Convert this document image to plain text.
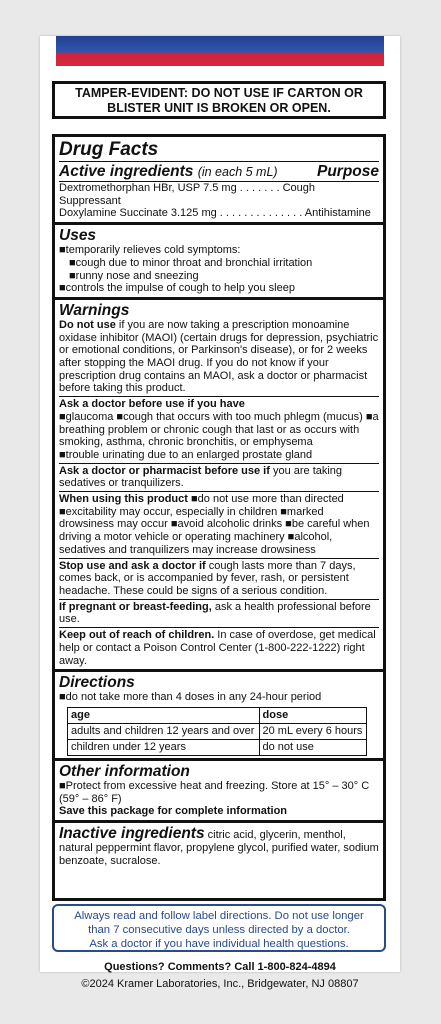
TAMPER-EVIDENT: DO NOT USE IF CARTON OR
BLISTER UNIT IS BROKEN OR OPEN.
Drug Facts
Active ingredients (in each 5 mL)	Purpose
Dextromethorphan HBr, USP 7.5 mg . . . . . . . Cough Suppressant
Doxylamine Succinate 3.125 mg . . . . . . . . . . . . . . Antihistamine
Uses
■ temporarily relieves cold symptoms:
■ cough due to minor throat and bronchial irritation
■ runny nose and sneezing
■ controls the impulse of cough to help you sleep
Warnings
Do not use if you are now taking a prescription monoamine oxidase inhibitor (MAOI) (certain drugs for depression, psychiatric or emotional conditions, or Parkinson's disease), or for 2 weeks after stopping the MAOI drug. If you do not know if your prescription drug contains an MAOI, ask a doctor or pharmacist before taking this product.
Ask a doctor before use if you have
■ glaucoma ■ cough that occurs with too much phlegm (mucus) ■ a breathing problem or chronic cough that last or as occurs with smoking, asthma, chronic bronchitis, or emphysema
■ trouble urinating due to an enlarged prostate gland
Ask a doctor or pharmacist before use if you are taking sedatives or tranquilizers.
When using this product ■ do not use more than directed ■ excitability may occur, especially in children ■ marked drowsiness may occur ■ avoid alcoholic drinks ■ be careful when driving a motor vehicle or operating machinery ■ alcohol, sedatives and tranquilizers may increase drowsiness
Stop use and ask a doctor if cough lasts more than 7 days, comes back, or is accompanied by fever, rash, or persistent headache. These could be signs of a serious condition.
If pregnant or breast-feeding, ask a health professional before use.
Keep out of reach of children. In case of overdose, get medical help or contact a Poison Control Center (1-800-222-1222) right away.
Directions
■ do not take more than 4 doses in any 24-hour period
age	dose
adults and children 12 years and over	20 mL every 6 hours
children under 12 years	do not use
Other information
■ Protect from excessive heat and freezing. Store at 15° – 30° C (59° – 86° F)
Save this package for complete information
Inactive ingredients citric acid, glycerin, menthol, natural peppermint flavor, propylene glycol, purified water, sodium benzoate, sucralose.
Always read and follow label directions. Do not use longer
than 7 consecutive days unless directed by a doctor.
Ask a doctor if you have individual health questions.
Questions? Comments? Call 1-800-824-4894
©2024 Kramer Laboratories, Inc., Bridgewater, NJ 08807
